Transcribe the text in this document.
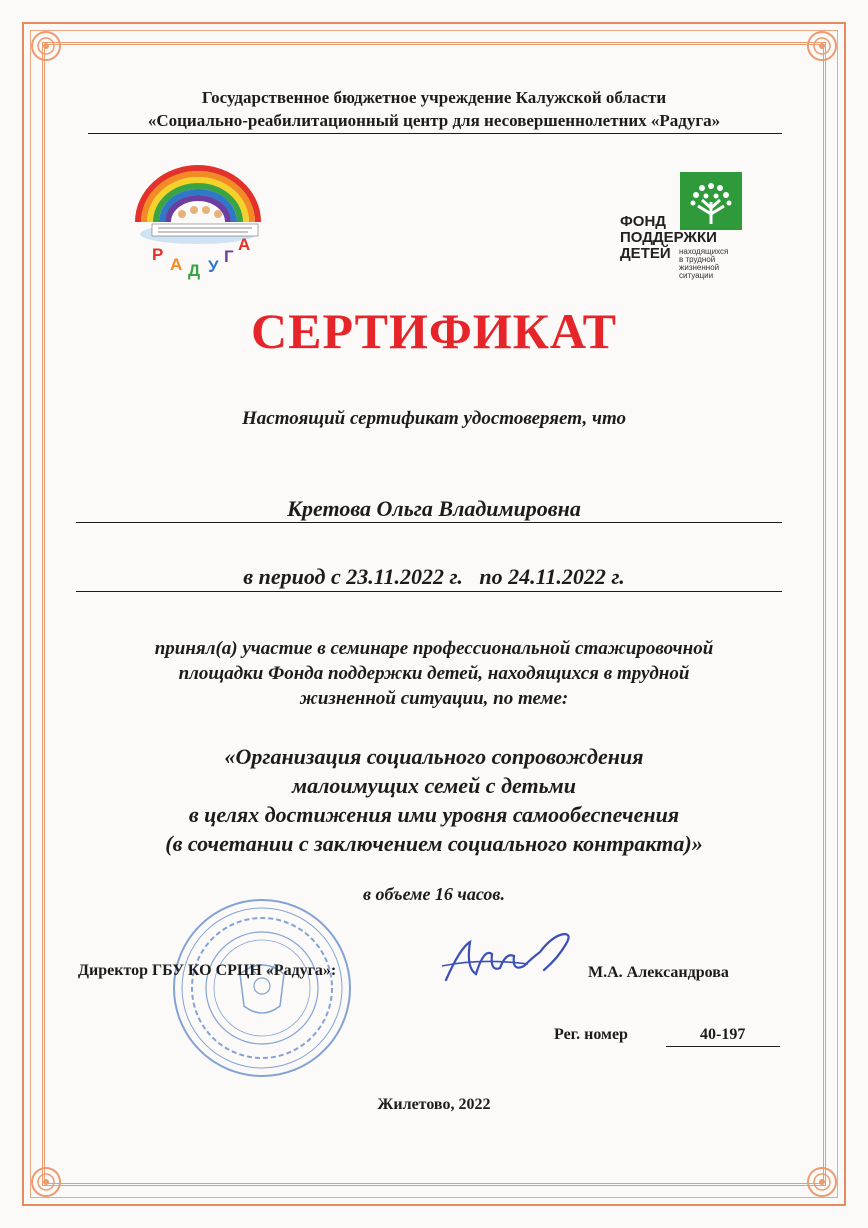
Государственное бюджетное учреждение Калужской области
«Социально-реабилитационный центр для несовершеннолетних «Радуга»
Р
А Д У
Г
А
ФОНД
ПОДДЕРЖКИ
ДЕТЕЙ	находящихся
в трудной
жизненной
ситуации
СЕРТИФИКАТ
Настоящий сертификат удостоверяет, что
Кретова Ольга Владимировна
в период с 23.11.2022 г.   по 24.11.2022 г.
принял(а) участие в семинаре профессиональной стажировочной
площадки Фонда поддержки детей, находящихся в трудной
жизненной ситуации, по теме:
«Организация социального сопровождения
малоимущих семей с детьми
в целях достижения ими уровня самообеспечения
(в сочетании с заключением социального контракта)»
в объеме 16 часов.
Директор ГБУ КО СРЦН «Радуга»:	М.А. Александрова
Рег. номер	40-197
Жилетово, 2022
